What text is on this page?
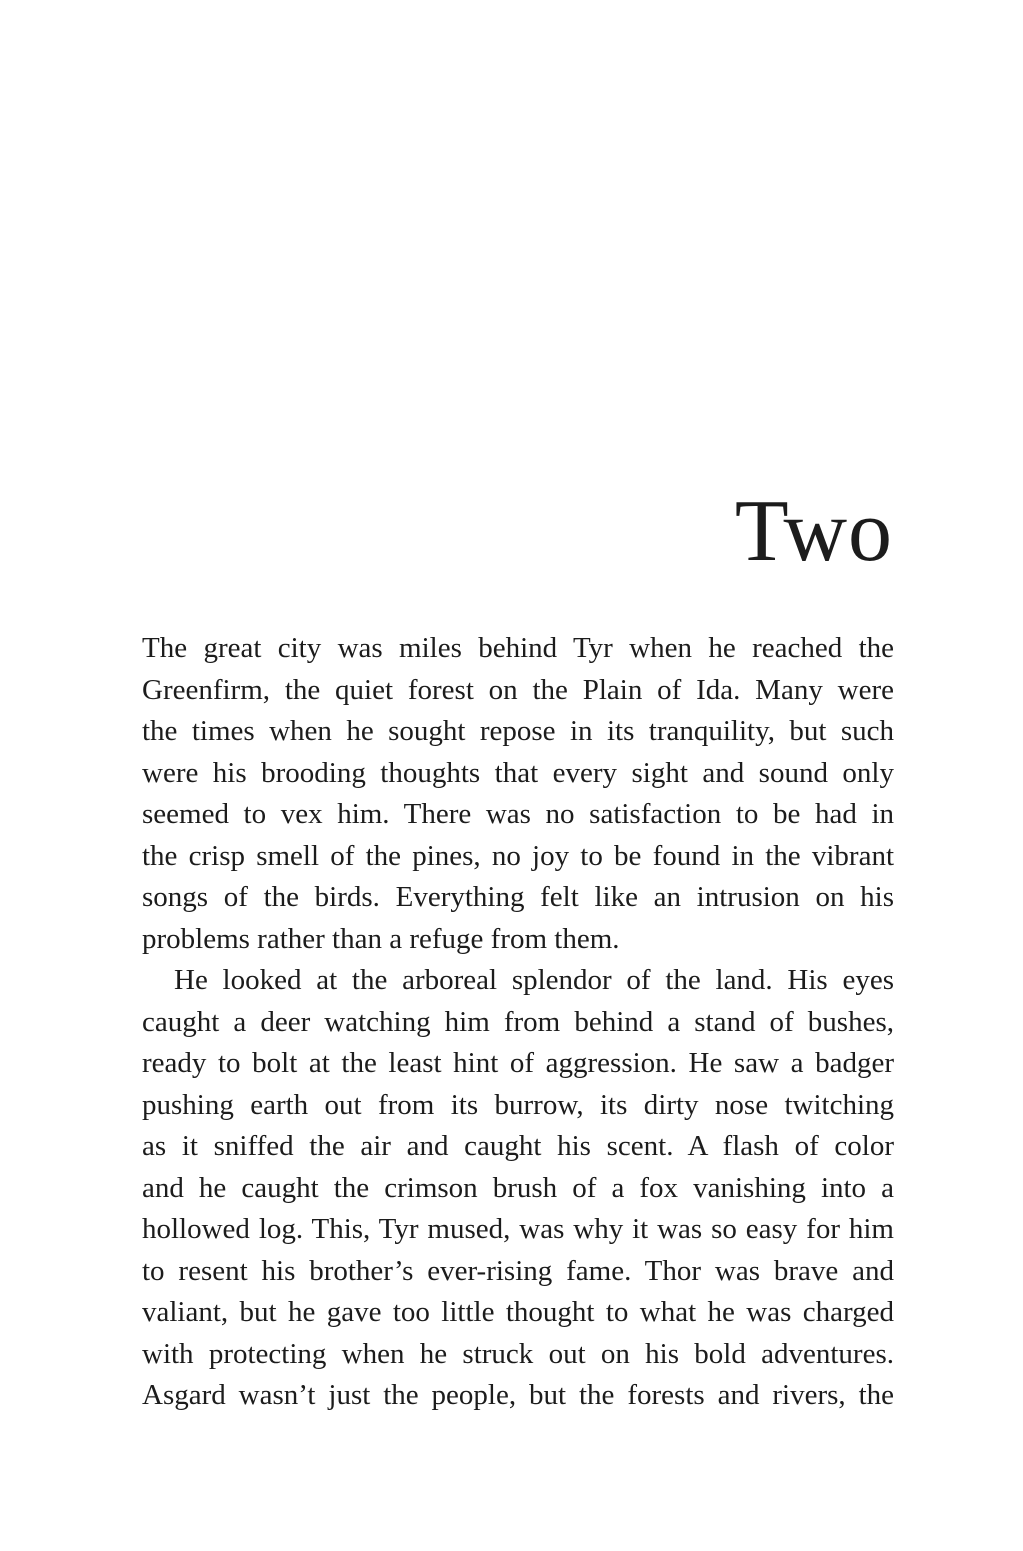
Two
The great city was miles behind Tyr when he reached the
Greenfirm, the quiet forest on the Plain of Ida. Many were
the times when he sought repose in its tranquility, but such
were his brooding thoughts that every sight and sound only
seemed to vex him. There was no satisfaction to be had in
the crisp smell of the pines, no joy to be found in the vibrant
songs of the birds. Everything felt like an intrusion on his
problems rather than a refuge from them.
He looked at the arboreal splendor of the land. His eyes
caught a deer watching him from behind a stand of bushes,
ready to bolt at the least hint of aggression. He saw a badger
pushing earth out from its burrow, its dirty nose twitching
as it sniffed the air and caught his scent. A flash of color
and he caught the crimson brush of a fox vanishing into a
hollowed log. This, Tyr mused, was why it was so easy for him
to resent his brother’s ever-rising fame. Thor was brave and
valiant, but he gave too little thought to what he was charged
with protecting when he struck out on his bold adventures.
Asgard wasn’t just the people, but the forests and rivers, the
